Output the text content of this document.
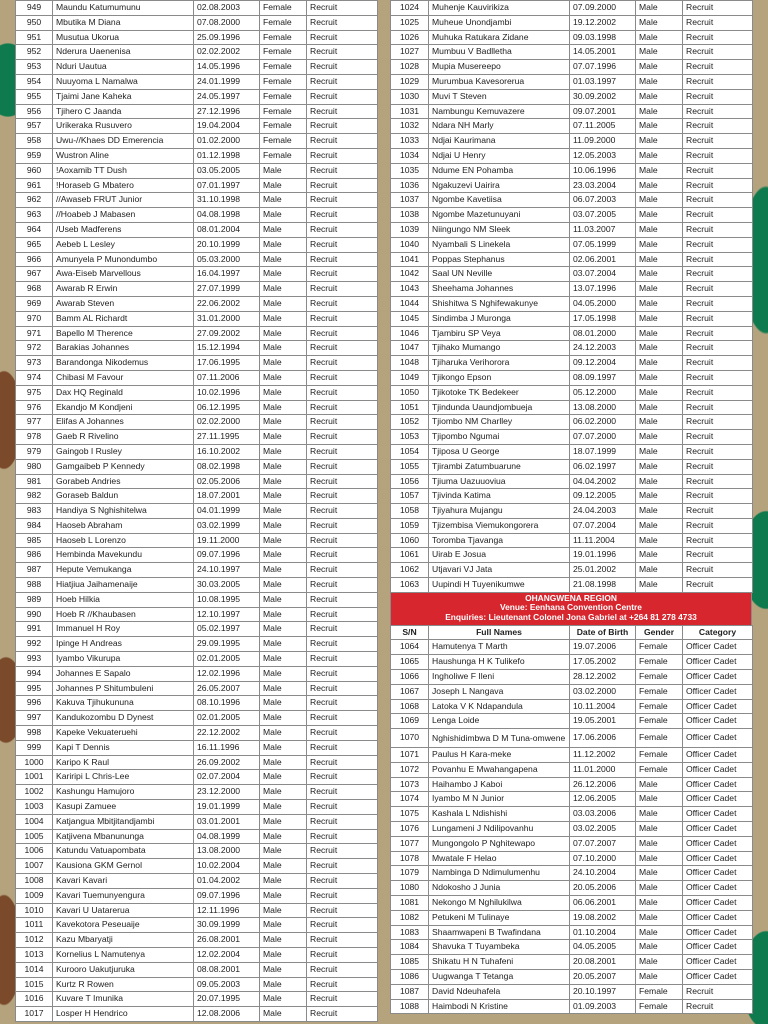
949	Maundu Katumumunu	02.08.2003	Female	Recruit
950	Mbutika M Diana	07.08.2000	Female	Recruit
951	Musutua Ukorua	25.09.1996	Female	Recruit
952	Nderura Uaenenisa	02.02.2002	Female	Recruit
953	Nduri Uautua	14.05.1996	Female	Recruit
954	Nuuyoma L Namalwa	24.01.1999	Female	Recruit
955	Tjaimi Jane Kaheka	24.05.1997	Female	Recruit
956	Tjihero C Jaanda	27.12.1996	Female	Recruit
957	Urikeraka Rusuvero	19.04.2004	Female	Recruit
958	Uwu-//Khaes DD Emerencia	01.02.2000	Female	Recruit
959	Wustron Aline	01.12.1998	Female	Recruit
960	!Aoxamib TT Dush	03.05.2005	Male	Recruit
961	!Horaseb G Mbatero	07.01.1997	Male	Recruit
962	//Awaseb FRUT Junior	31.10.1998	Male	Recruit
963	//Hoabeb J Mabasen	04.08.1998	Male	Recruit
964	/Useb Madferens	08.01.2004	Male	Recruit
965	Aebeb L Lesley	20.10.1999	Male	Recruit
966	Amunyela P Munondumbo	05.03.2000	Male	Recruit
967	Awa-Eiseb Marvellous	16.04.1997	Male	Recruit
968	Awarab R Erwin	27.07.1999	Male	Recruit
969	Awarab Steven	22.06.2002	Male	Recruit
970	Bamm AL Richardt	31.01.2000	Male	Recruit
971	Bapello M Therence	27.09.2002	Male	Recruit
972	Barakias Johannes	15.12.1994	Male	Recruit
973	Barandonga Nikodemus	17.06.1995	Male	Recruit
974	Chibasi M Favour	07.11.2006	Male	Recruit
975	Dax HQ Reginald	10.02.1996	Male	Recruit
976	Ekandjo M Kondjeni	06.12.1995	Male	Recruit
977	Elifas A Johannes	02.02.2000	Male	Recruit
978	Gaeb R Rivelino	27.11.1995	Male	Recruit
979	Gaingob I Rusley	16.10.2002	Male	Recruit
980	Gamgaibeb P Kennedy	08.02.1998	Male	Recruit
981	Gorabeb Andries	02.05.2006	Male	Recruit
982	Goraseb Baldun	18.07.2001	Male	Recruit
983	Handiya S Nghishitelwa	04.01.1999	Male	Recruit
984	Haoseb Abraham	03.02.1999	Male	Recruit
985	Haoseb L Lorenzo	19.11.2000	Male	Recruit
986	Hembinda Mavekundu	09.07.1996	Male	Recruit
987	Hepute Vemukanga	24.10.1997	Male	Recruit
988	Hiatjiua Jaihamenaije	30.03.2005	Male	Recruit
989	Hoeb Hilkia	10.08.1995	Male	Recruit
990	Hoeb R //Khaubasen	12.10.1997	Male	Recruit
991	Immanuel H Roy	05.02.1997	Male	Recruit
992	Ipinge H Andreas	29.09.1995	Male	Recruit
993	Iyambo Vikurupa	02.01.2005	Male	Recruit
994	Johannes E Sapalo	12.02.1996	Male	Recruit
995	Johannes P Shitumbuleni	26.05.2007	Male	Recruit
996	Kakuva Tjihukununa	08.10.1996	Male	Recruit
997	Kandukozombu D Dynest	02.01.2005	Male	Recruit
998	Kapeke Vekuateruehi	22.12.2002	Male	Recruit
999	Kapi T Dennis	16.11.1996	Male	Recruit
1000	Karipo K Raul	26.09.2002	Male	Recruit
1001	Kariripi L Chris-Lee	02.07.2004	Male	Recruit
1002	Kashungu Hamujoro	23.12.2000	Male	Recruit
1003	Kasupi Zamuee	19.01.1999	Male	Recruit
1004	Katjangua Mbitjitandjambi	03.01.2001	Male	Recruit
1005	Katjivena Mbanununga	04.08.1999	Male	Recruit
1006	Katundu Vatuapombata	13.08.2000	Male	Recruit
1007	Kausiona GKM Gernol	10.02.2004	Male	Recruit
1008	Kavari Kavari	01.04.2002	Male	Recruit
1009	Kavari Tuemunyengura	09.07.1996	Male	Recruit
1010	Kavari U Uatarerua	12.11.1996	Male	Recruit
1011	Kavekotora Peseuaije	30.09.1999	Male	Recruit
1012	Kazu Mbaryatji	26.08.2001	Male	Recruit
1013	Kornelius L Namutenya	12.02.2004	Male	Recruit
1014	Kurooro Uakutjuruka	08.08.2001	Male	Recruit
1015	Kurtz R Rowen	09.05.2003	Male	Recruit
1016	Kuvare T Imunika	20.07.1995	Male	Recruit
1017	Losper H Hendrico	12.08.2006	Male	Recruit
1024	Muhenje Kauvirikiza	07.09.2000	Male	Recruit
1025	Muheue Unondjambi	19.12.2002	Male	Recruit
1026	Muhuka Ratukara Zidane	09.03.1998	Male	Recruit
1027	Mumbuu V Badlletha	14.05.2001	Male	Recruit
1028	Mupia Musereepo	07.07.1996	Male	Recruit
1029	Murumbua Kavesorerua	01.03.1997	Male	Recruit
1030	Muvi T Steven	30.09.2002	Male	Recruit
1031	Nambungu Kemuvazere	09.07.2001	Male	Recruit
1032	Ndara NH Marly	07.11.2005	Male	Recruit
1033	Ndjai Kaurimana	11.09.2000	Male	Recruit
1034	Ndjai U Henry	12.05.2003	Male	Recruit
1035	Ndume EN Pohamba	10.06.1996	Male	Recruit
1036	Ngakuzevi Uairira	23.03.2004	Male	Recruit
1037	Ngombe Kavetiisa	06.07.2003	Male	Recruit
1038	Ngombe Mazetunuyani	03.07.2005	Male	Recruit
1039	Niingungo NM Sleek	11.03.2007	Male	Recruit
1040	Nyambali S Linekela	07.05.1999	Male	Recruit
1041	Poppas Stephanus	02.06.2001	Male	Recruit
1042	Saal UN Neville	03.07.2004	Male	Recruit
1043	Sheehama Johannes	13.07.1996	Male	Recruit
1044	Shishitwa S Nghifewakunye	04.05.2000	Male	Recruit
1045	Sindimba J Muronga	17.05.1998	Male	Recruit
1046	Tjambiru SP Veya	08.01.2000	Male	Recruit
1047	Tjihako Mumango	24.12.2003	Male	Recruit
1048	Tjiharuka Verihorora	09.12.2004	Male	Recruit
1049	Tjikongo Epson	08.09.1997	Male	Recruit
1050	Tjikotoke TK Bedekeer	05.12.2000	Male	Recruit
1051	Tjindunda Uaundjombueja	13.08.2000	Male	Recruit
1052	Tjiombo NM Charlley	06.02.2000	Male	Recruit
1053	Tjipombo Ngumai	07.07.2000	Male	Recruit
1054	Tjiposa U George	18.07.1999	Male	Recruit
1055	Tjirambi Zatumbuarune	06.02.1997	Male	Recruit
1056	Tjiuma Uazuuoviua	04.04.2002	Male	Recruit
1057	Tjivinda Katima	09.12.2005	Male	Recruit
1058	Tjiyahura Mujangu	24.04.2003	Male	Recruit
1059	Tjizembisa Viemukongorera	07.07.2004	Male	Recruit
1060	Toromba Tjavanga	11.11.2004	Male	Recruit
1061	Uirab E Josua	19.01.1996	Male	Recruit
1062	Utjavari VJ Jata	25.01.2002	Male	Recruit
1063	Uupindi H Tuyenikumwe	21.08.1998	Male	Recruit
OHANGWENA REGION
Venue: Eenhana Convention Centre
Enquiries: Lieutenant Colonel Jona Gabriel at +264 81 278 4733
S/N	Full Names	Date of Birth	Gender	Category
1064	Hamutenya T Marth	19.07.2006	Female	Officer Cadet
1065	Haushunga H K Tulikefo	17.05.2002	Female	Officer Cadet
1066	Ingholiwe F Ileni	28.12.2002	Female	Officer Cadet
1067	Joseph L Nangava	03.02.2000	Female	Officer Cadet
1068	Latoka V K Ndapandula	10.11.2004	Female	Officer Cadet
1069	Lenga Loide	19.05.2001	Female	Officer Cadet
1070	Nghishidimbwa D M Tuna-omwene	17.06.2006	Female	Officer Cadet
1071	Paulus H Kara-meke	11.12.2002	Female	Officer Cadet
1072	Povanhu E Mwahangapena	11.01.2000	Female	Officer Cadet
1073	Haihambo J Kaboi	26.12.2006	Male	Officer Cadet
1074	Iyambo M N Junior	12.06.2005	Male	Officer Cadet
1075	Kashala L Ndishishi	03.03.2006	Male	Officer Cadet
1076	Lungameni J Ndilipovanhu	03.02.2005	Male	Officer Cadet
1077	Mungongolo P Nghitewapo	07.07.2007	Male	Officer Cadet
1078	Mwatale F Helao	07.10.2000	Male	Officer Cadet
1079	Nambinga D Ndimulumenhu	24.10.2004	Male	Officer Cadet
1080	Ndokosho J Junia	20.05.2006	Male	Officer Cadet
1081	Nekongo M Nghilukilwa	06.06.2001	Male	Officer Cadet
1082	Petukeni M Tulinaye	19.08.2002	Male	Officer Cadet
1083	Shaamwapeni B Twafindana	01.10.2004	Male	Officer Cadet
1084	Shavuka T Tuyambeka	04.05.2005	Male	Officer Cadet
1085	Shikatu H N Tuhafeni	20.08.2001	Male	Officer Cadet
1086	Uugwanga T Tetanga	20.05.2007	Male	Officer Cadet
1087	David Ndeuhafela	20.10.1997	Female	Recruit
1088	Haimbodi N Kristine	01.09.2003	Female	Recruit
